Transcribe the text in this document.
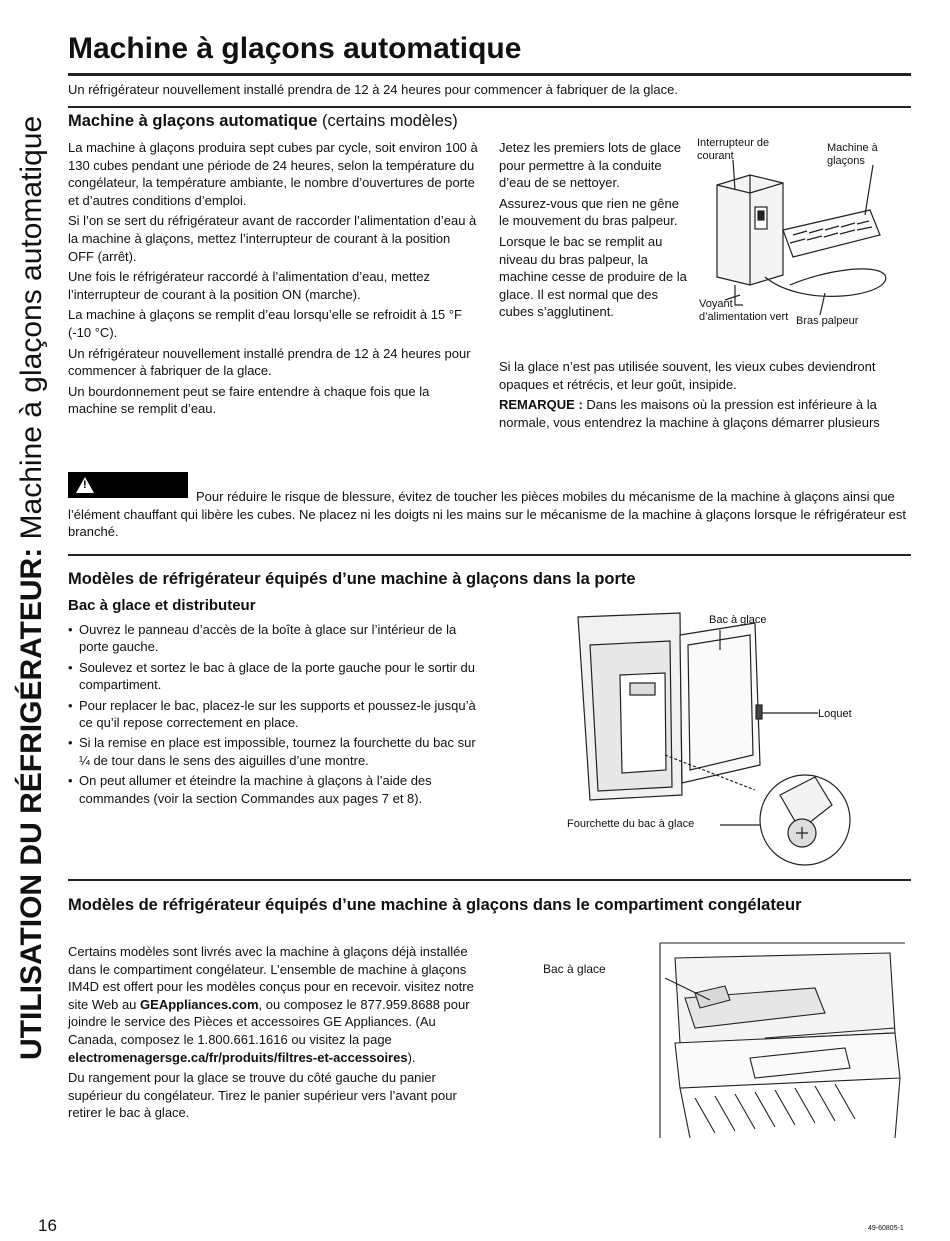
UTILISATION DU RÉFRIGÉRATEUR: Machine à glaçons automatique
Machine à glaçons automatique
Un réfrigérateur nouvellement installé prendra de 12 à 24 heures pour commencer à fabriquer de la glace.
Machine à glaçons automatique (certains modèles)

La machine à glaçons produira sept cubes par cycle, soit environ 100 à 130 cubes pendant une période de 24 heures, selon la température du congélateur, la température ambiante, le nombre d’ouvertures de porte et d’autres conditions d’emploi.

Si l’on se sert du réfrigérateur avant de raccorder l’alimentation d’eau à la machine à glaçons, mettez l’interrupteur de courant à la position OFF (arrêt).

Une fois le réfrigérateur raccordé à l’alimentation d’eau, mettez l’interrupteur de courant à la position ON (marche).

La machine à glaçons se remplit d’eau lorsqu’elle se refroidit à 15 °F (-10 °C).

Un réfrigérateur nouvellement installé prendra de 12 à 24 heures pour commencer à fabriquer de la glace.

Un bourdonnement peut se faire entendre à chaque fois que la machine se remplit d’eau.

Jetez les premiers lots de glace pour permettre à la conduite d’eau de se nettoyer.

Assurez-vous que rien ne gêne le mouvement du bras palpeur.

Lorsque le bac se remplit au niveau du bras palpeur, la machine cesse de produire de la glace. Il est normal que des cubes s’agglutinent.

Si la glace n’est pas utilisée souvent, les vieux cubes deviendront opaques et rétrécis, et leur goût, insipide.

REMARQUE : Dans les maisons où la pression est inférieure à la normale, vous entendrez la machine à glaçons démarrer plusieurs

Interrupteur de courant
Machine à glaçons
Voyant d’alimentation vert Bras palpeur
!
Pour réduire le risque de blessure, évitez de toucher les pièces mobiles du mécanisme de la machine à glaçons ainsi que l’élément chauffant qui libère les cubes. Ne placez ni les doigts ni les mains sur le mécanisme de la machine à glaçons lorsque le réfrigérateur est branché.
Modèles de réfrigérateur équipés d’une machine à glaçons dans la porte
Bac à glace et distributeur
• Ouvrez le panneau d’accès de la boîte à glace sur l’intérieur de la porte gauche.
• Soulevez et sortez le bac à glace de la porte gauche pour le sortir du compartiment.
• Pour replacer le bac, placez-le sur les supports et poussez-le jusqu’à ce qu’il repose correctement en place.
• Si la remise en place est impossible, tournez la fourchette du bac sur ¼ de tour dans le sens des aiguilles d’une montre.
• On peut allumer et éteindre la machine à glaçons à l’aide des commandes (voir la section Commandes aux pages 7 et 8).
Bac à glace
Loquet
Fourchette du bac à glace
Modèles de réfrigérateur équipés d’une machine à glaçons dans le compartiment congélateur

Certains modèles sont livrés avec la machine à glaçons déjà installée dans le compartiment congélateur. L’ensemble de machine à glaçons IM4D est offert pour les modèles conçus pour en recevoir. visitez notre site Web au GEAppliances.com, ou composez le 877.959.8688 pour joindre le service des Pièces et accessoires GE Appliances. (Au Canada, composez le 1.800.661.1616 ou visitez la page electromenagersge.ca/fr/produits/filtres-et-accessoires).

Du rangement pour la glace se trouve du côté gauche du panier supérieur du congélateur. Tirez le panier supérieur vers l’avant pour retirer le bac à glace.

Bac à glace
16	49-60805-1
